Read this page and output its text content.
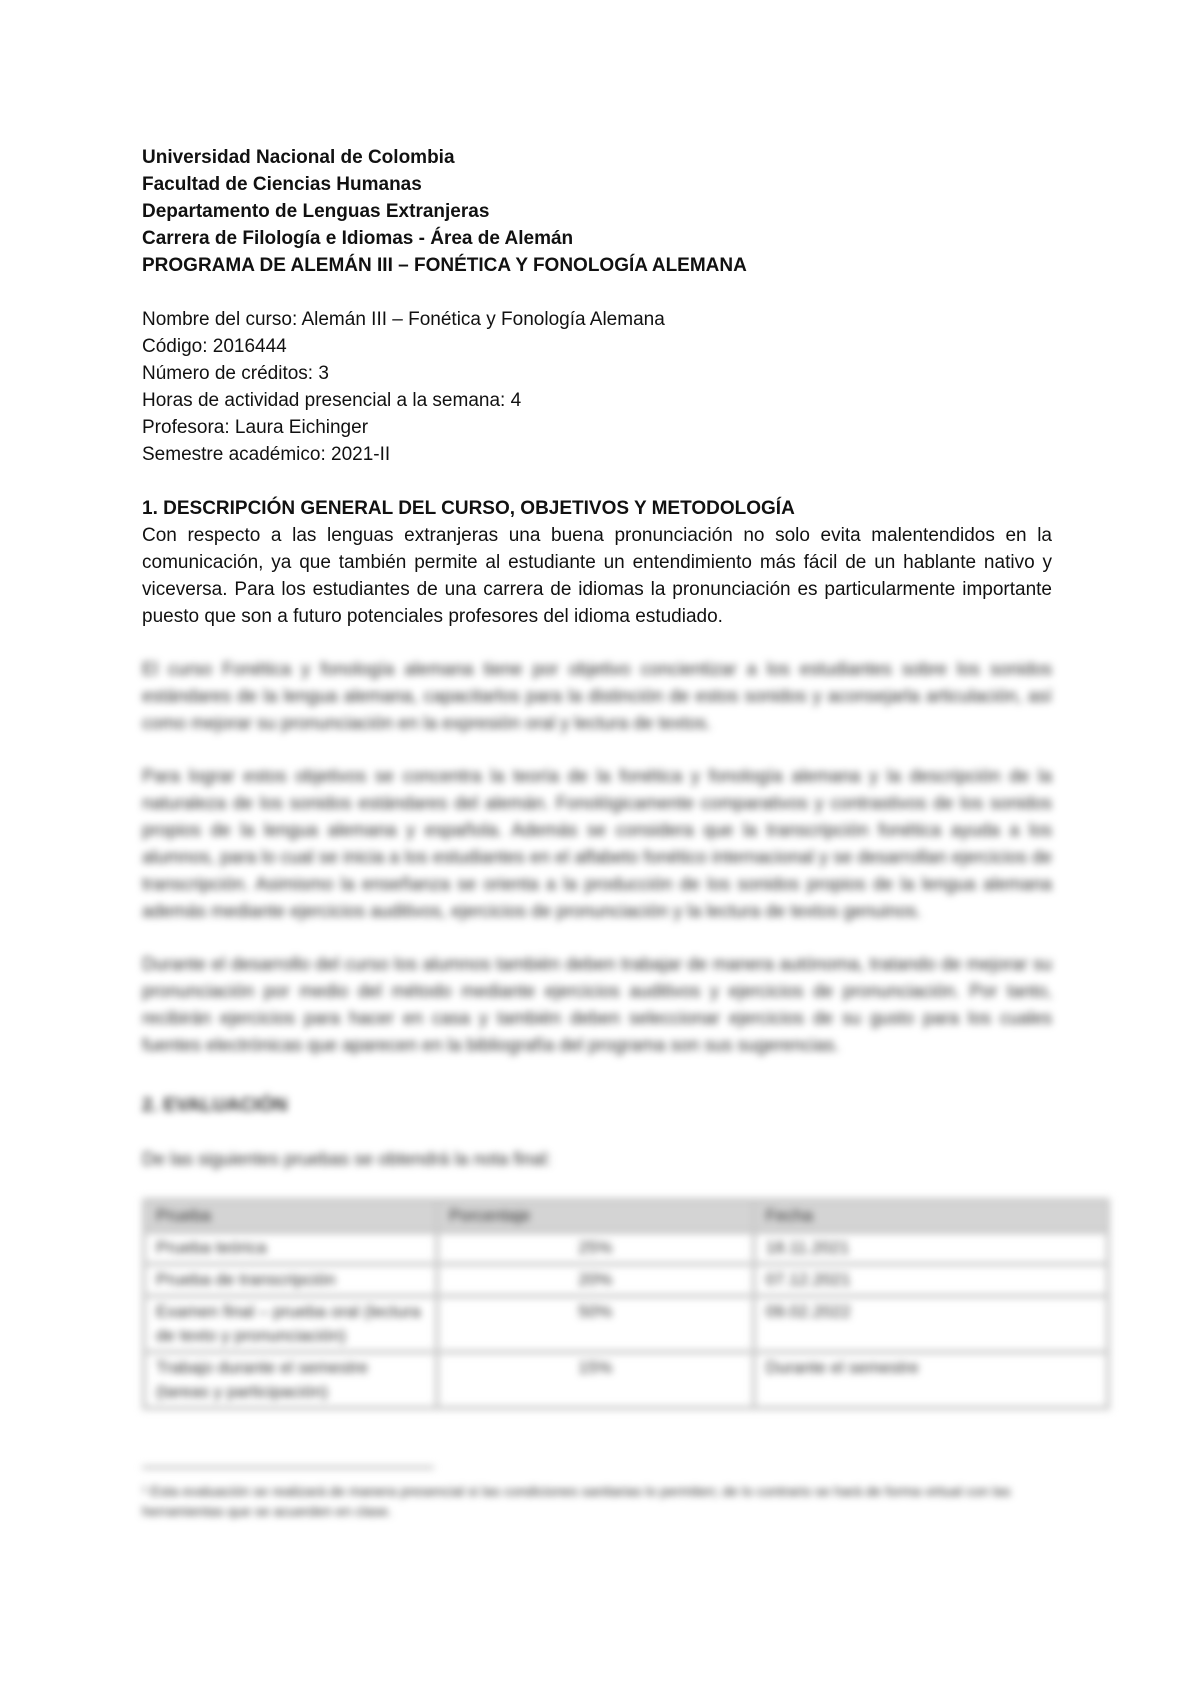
Universidad Nacional de Colombia
Facultad de Ciencias Humanas
Departamento de Lenguas Extranjeras
Carrera de Filología e Idiomas - Área de Alemán
PROGRAMA DE ALEMÁN III – FONÉTICA Y FONOLOGÍA ALEMANA
Nombre del curso: Alemán III – Fonética y Fonología Alemana
Código: 2016444
Número de créditos: 3
Horas de actividad presencial a la semana: 4
Profesora: Laura Eichinger
Semestre académico: 2021-II
1. DESCRIPCIÓN GENERAL DEL CURSO, OBJETIVOS Y METODOLOGÍA

Con respecto a las lenguas extranjeras una buena pronunciación no solo evita malentendidos en la comunicación, ya que también permite al estudiante un entendimiento más fácil de un hablante nativo y viceversa. Para los estudiantes de una carrera de idiomas la pronunciación es particularmente importante puesto que son a futuro potenciales profesores del idioma estudiado.

El curso Fonética y fonología alemana tiene por objetivo concientizar a los estudiantes sobre los sonidos estándares de la lengua alemana, capacitarlos para la distinción de estos sonidos y aconsejarla articulación, así como mejorar su pronunciación en la expresión oral y lectura de textos.

Para lograr estos objetivos se concentra la teoría de la fonética y fonología alemana y la descripción de la naturaleza de los sonidos estándares del alemán. Fonológicamente comparativos y contrastivos de los sonidos propios de la lengua alemana y española. Además se considera que la transcripción fonética ayuda a los alumnos, para lo cual se inicia a los estudiantes en el alfabeto fonético internacional y se desarrollan ejercicios de transcripción. Asimismo la enseñanza se orienta a la producción de los sonidos propios de la lengua alemana además mediante ejercicios auditivos, ejercicios de pronunciación y la lectura de textos genuinos.

Durante el desarrollo del curso los alumnos también deben trabajar de manera autónoma, tratando de mejorar su pronunciación por medio del método mediante ejercicios auditivos y ejercicios de pronunciación. Por tanto, recibirán ejercicios para hacer en casa y también deben seleccionar ejercicios de su gusto para los cuales fuentes electrónicas que aparecen en la bibliografía del programa son sus sugerencias.

2. EVALUACIÓN
De las siguientes pruebas se obtendrá la nota final:
Prueba	Porcentaje	Fecha
Prueba teórica	25%	18.11.2021
Prueba de transcripción	20%	07.12.2021
Examen final – prueba oral (lectura de texto y pronunciación)	50%	09.02.2022
Trabajo durante el semestre (tareas y participación)	15%	Durante el semestre
¹ Esta evaluación se realizará de manera presencial si las condiciones sanitarias lo permiten; de lo contrario se hará de forma virtual con las herramientas que se acuerden en clase.
